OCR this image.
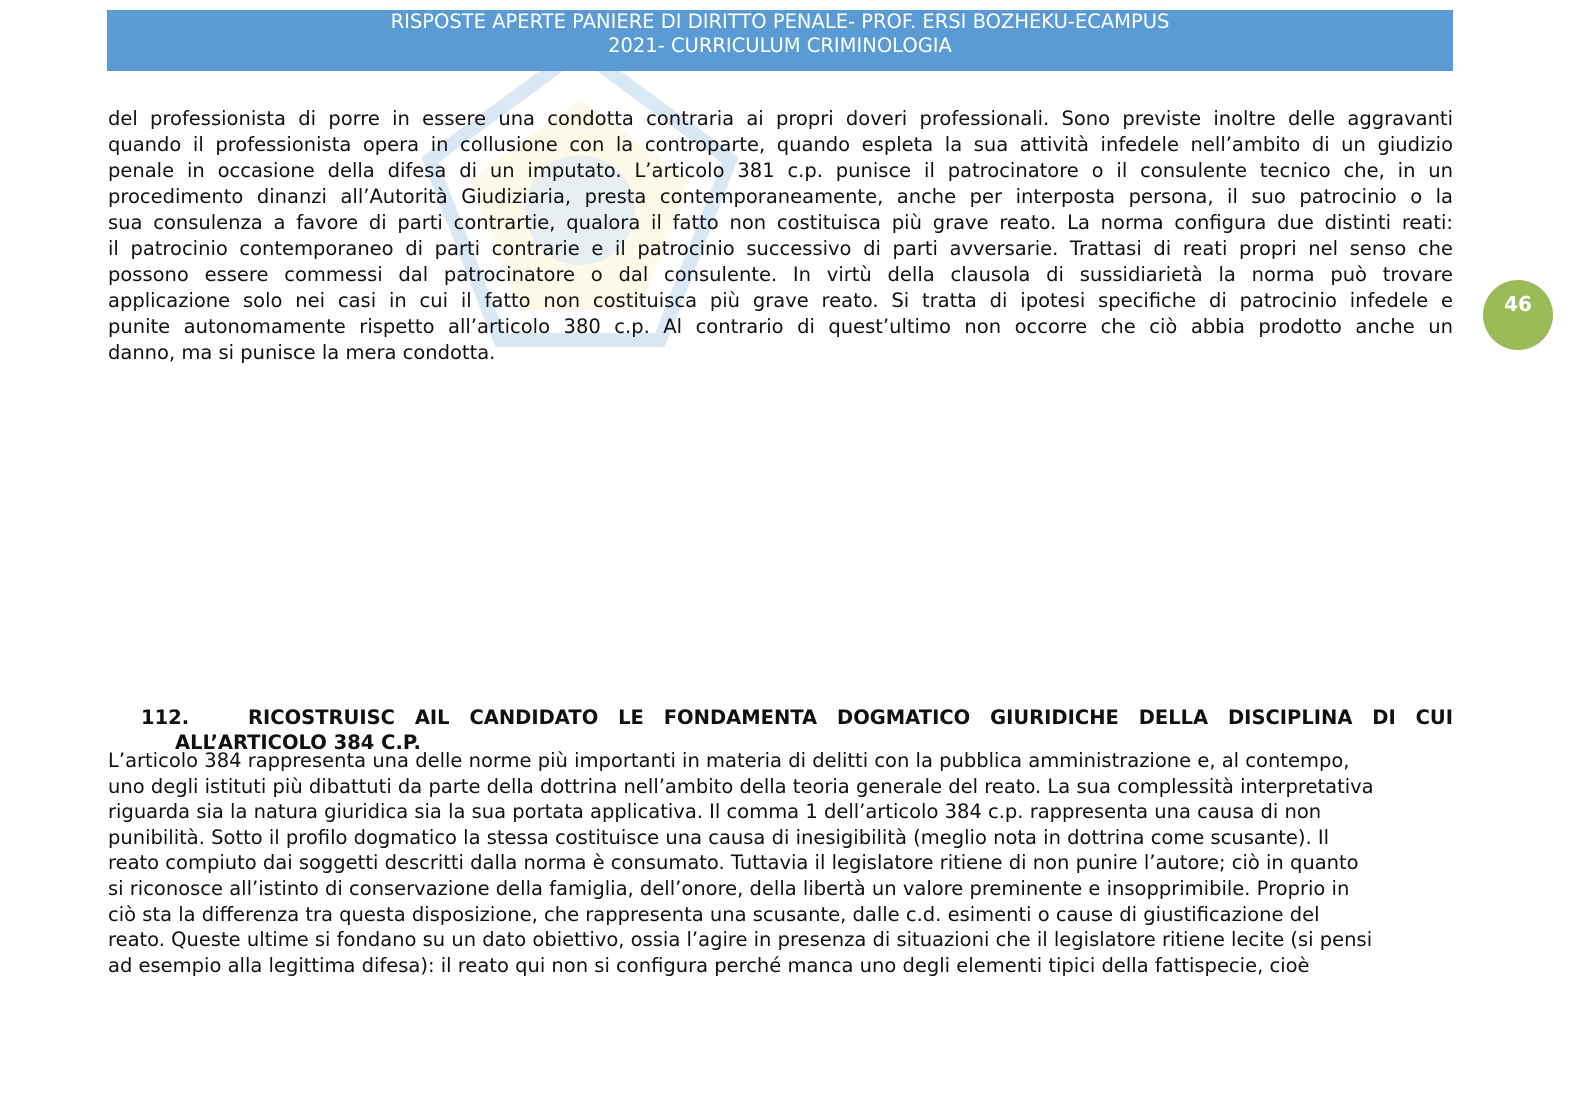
RISPOSTE APERTE PANIERE DI DIRITTO PENALE- PROF. ERSI BOZHEKU-ECAMPUS
2021- CURRICULUM CRIMINOLOGIA
del professionista di porre in essere una condotta contraria ai propri doveri professionali. Sono previste inoltre delle aggravanti
quando il professionista opera in collusione con la controparte, quando espleta la sua attività infedele nell’ambito di un giudizio
penale in occasione della difesa di un imputato. L’articolo 381 c.p. punisce il patrocinatore o il consulente tecnico che, in un
procedimento dinanzi all’Autorità Giudiziaria, presta contemporaneamente, anche per interposta persona, il suo patrocinio o la
sua consulenza a favore di parti contrartie, qualora il fatto non costituisca più grave reato. La norma configura due distinti reati:
il patrocinio contemporaneo di parti contrarie e il patrocinio successivo di parti avversarie. Trattasi di reati propri nel senso che
possono essere commessi dal patrocinatore o dal consulente. In virtù della clausola di sussidiarietà la norma può trovare
applicazione solo nei casi in cui il fatto non costituisca più grave reato. Si tratta di ipotesi specifiche di patrocinio infedele e
punite autonomamente rispetto all’articolo 380 c.p. Al contrario di quest’ultimo non occorre che ciò abbia prodotto anche un
danno, ma si punisce la mera condotta.
46
112.	RICOSTRUISC AIL CANDIDATO LE FONDAMENTA DOGMATICO GIURIDICHE DELLA DISCIPLINA DI CUI
ALL’ARTICOLO 384 C.P.
L’articolo 384 rappresenta una delle norme più importanti in materia di delitti con la pubblica amministrazione e, al contempo,
uno degli istituti più dibattuti da parte della dottrina nell’ambito della teoria generale del reato. La sua complessità interpretativa
riguarda sia la natura giuridica sia la sua portata applicativa. Il comma 1 dell’articolo 384 c.p. rappresenta una causa di non
punibilità. Sotto il profilo dogmatico la stessa costituisce una causa di inesigibilità (meglio nota in dottrina come scusante). Il
reato compiuto dai soggetti descritti dalla norma è consumato. Tuttavia il legislatore ritiene di non punire l’autore; ciò in quanto
si riconosce all’istinto di conservazione della famiglia, dell’onore, della libertà un valore preminente e insopprimibile. Proprio in
ciò sta la differenza tra questa disposizione, che rappresenta una scusante, dalle c.d. esimenti o cause di giustificazione del
reato. Queste ultime si fondano su un dato obiettivo, ossia l’agire in presenza di situazioni che il legislatore ritiene lecite (si pensi
ad esempio alla legittima difesa): il reato qui non si configura perché manca uno degli elementi tipici della fattispecie, cioè
